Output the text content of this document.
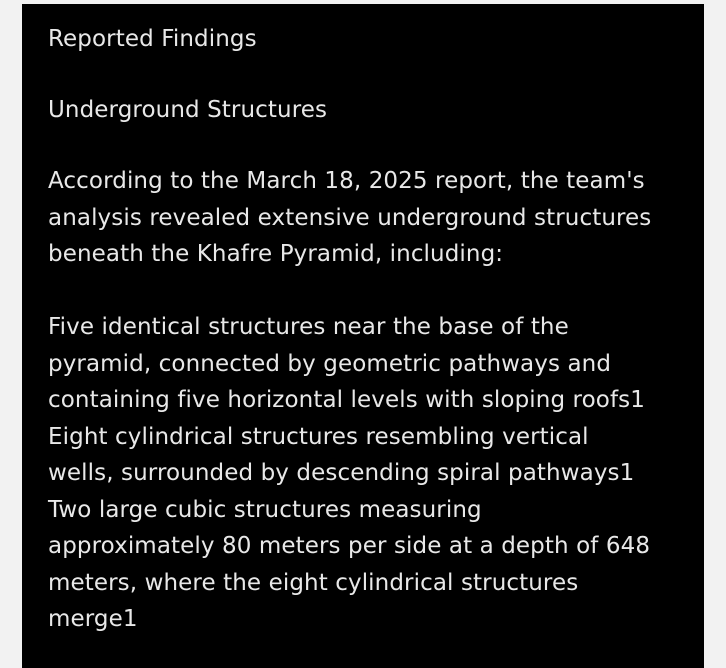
Reported Findings

Underground Structures

According to the March 18, 2025 report, the team's
analysis revealed extensive underground structures
beneath the Khafre Pyramid, including:

Five identical structures near the base of the
pyramid, connected by geometric pathways and
containing five horizontal levels with sloping roofs1
Eight cylindrical structures resembling vertical
wells, surrounded by descending spiral pathways1
Two large cubic structures measuring
approximately 80 meters per side at a depth of 648
meters, where the eight cylindrical structures
merge1
